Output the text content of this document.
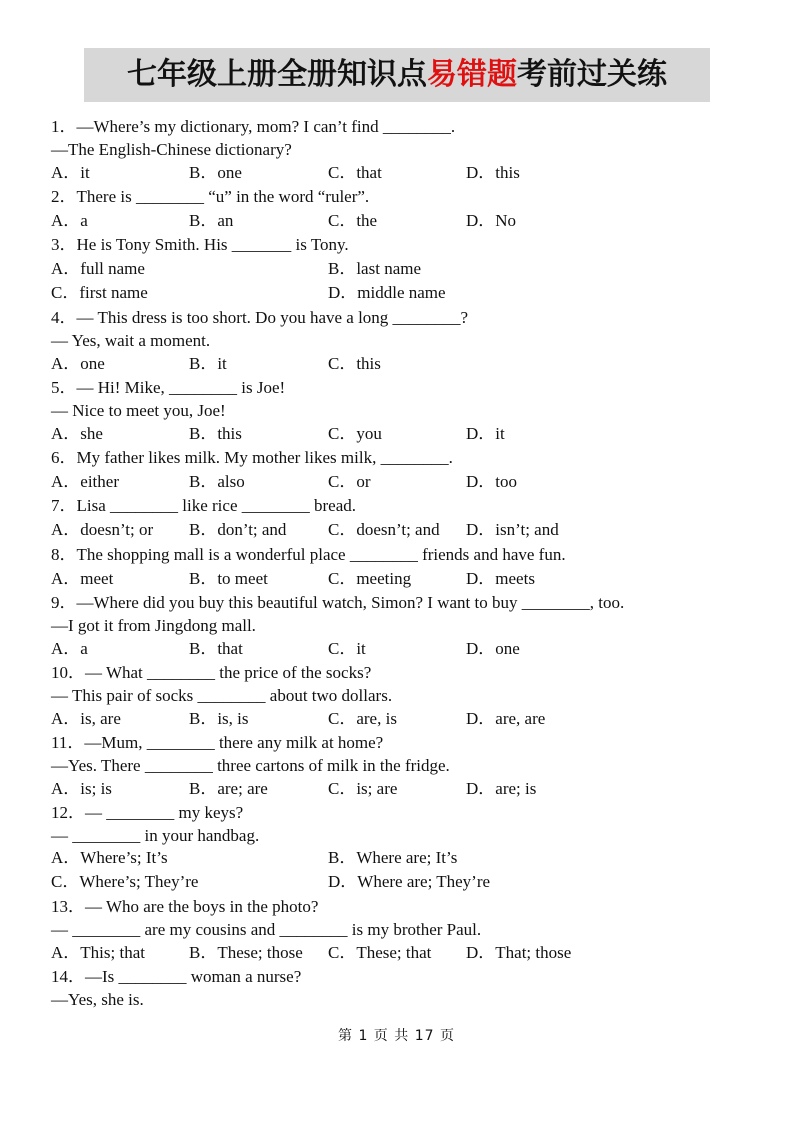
七年级上册全册知识点易错题考前过关练
1．—Where’s my dictionary, mom? I can’t find ________.
—The English-Chinese dictionary?
A．it	B．one	C．that	D．this
2．There is ________ “u” in the word “ruler”.
A．a	B．an	C．the	D．No
3．He is Tony Smith. His _______ is Tony.
A．full name	B．last name
C．first name	D．middle name
4．— This dress is too short. Do you have a long ________?
— Yes, wait a moment.
A．one	B．it	C．this
5．— Hi! Mike, ________ is Joe!
— Nice to meet you, Joe!
A．she	B．this	C．you	D．it
6．My father likes milk. My mother likes milk, ________.
A．either	B．also	C．or	D．too
7．Lisa ________ like rice ________ bread.
A．doesn’t; or B．don’t; and C．doesn’t; and D．isn’t; and
8．The shopping mall is a wonderful place ________ friends and have fun.
A．meet	B．to meet	C．meeting	D．meets
9．—Where did you buy this beautiful watch, Simon? I want to buy ________, too.
—I got it from Jingdong mall.
A．a	B．that	C．it	D．one
10．— What ________ the price of the socks?
— This pair of socks ________ about two dollars.
A．is, are	B．is, is	C．are, is	D．are, are
11．—Mum, ________ there any milk at home?
—Yes. There ________ three cartons of milk in the fridge.
A．is; is	B．are; are	C．is; are	D．are; is
12．— ________ my keys?
— ________ in your handbag.
A．Where’s; It’s	B．Where are; It’s
C．Where’s; They’re	D．Where are; They’re
13．— Who are the boys in the photo?
— ________ are my cousins and ________ is my brother Paul.
A．This; that	B．These; those C．These; that D．That; those
14．—Is ________ woman a nurse?
—Yes, she is.
第 1 页 共 17 页
